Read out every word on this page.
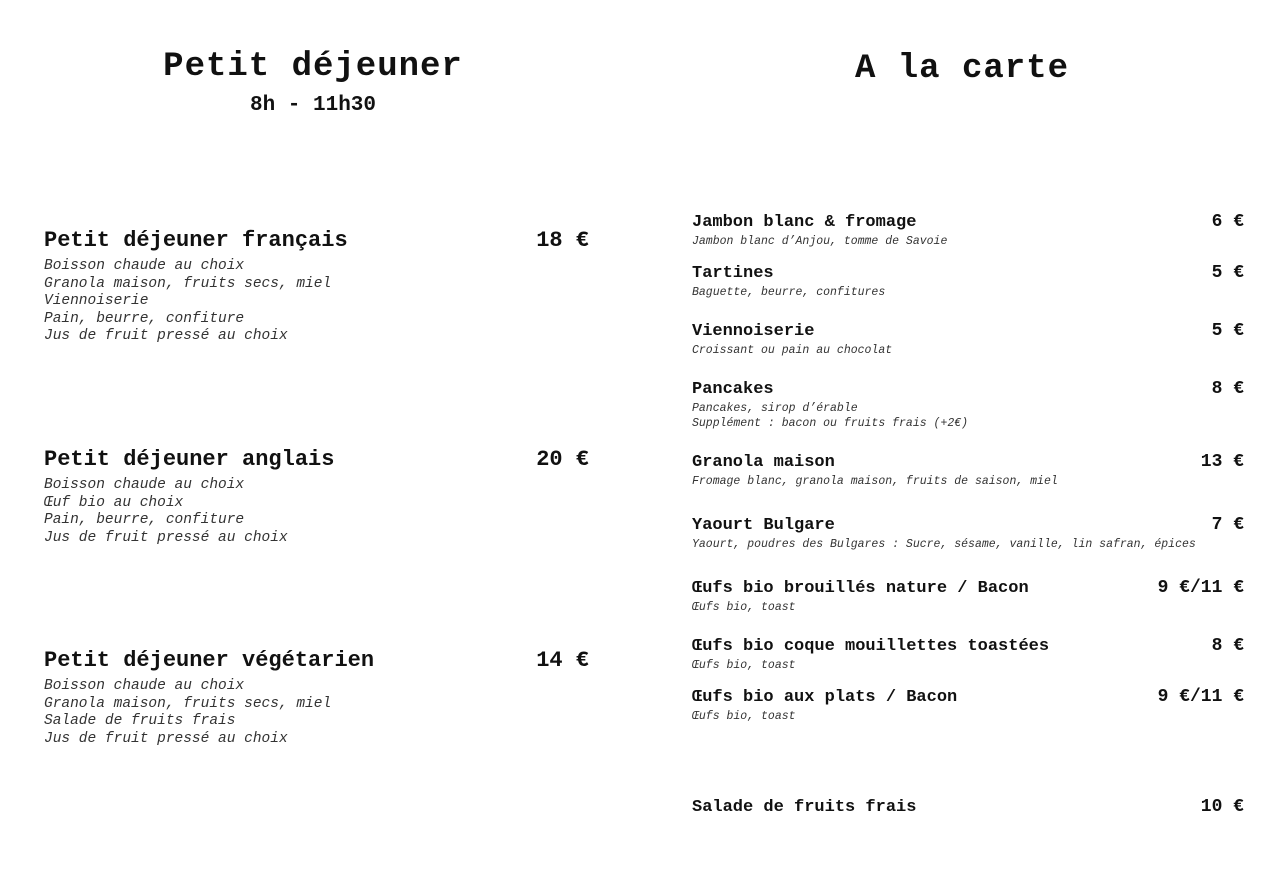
Petit déjeuner
8h - 11h30
A la carte
Petit déjeuner français	18 €
Boisson chaude au choix
Granola maison, fruits secs, miel
Viennoiserie
Pain, beurre, confiture
Jus de fruit pressé au choix
Petit déjeuner anglais	20 €
Boisson chaude au choix
Œuf bio au choix
Pain, beurre, confiture
Jus de fruit pressé au choix
Petit déjeuner végétarien	14 €
Boisson chaude au choix
Granola maison, fruits secs, miel
Salade de fruits frais
Jus de fruit pressé au choix
Jambon blanc & fromage	6 €
Jambon blanc d’Anjou, tomme de Savoie
Tartines	5 €
Baguette, beurre, confitures
Viennoiserie	5 €
Croissant ou pain au chocolat
Pancakes	8 €
Pancakes, sirop d’érable
Supplément : bacon ou fruits frais (+2€)
Granola maison	13 €
Fromage blanc, granola maison, fruits de saison, miel
Yaourt Bulgare	7 €
Yaourt, poudres des Bulgares : Sucre, sésame, vanille, lin safran, épices
Œufs bio brouillés nature / Bacon	9 €/11 €
Œufs bio, toast
Œufs bio coque mouillettes toastées	8 €
Œufs bio, toast
Œufs bio aux plats / Bacon	9 €/11 €
Œufs bio, toast
Salade de fruits frais	10 €
